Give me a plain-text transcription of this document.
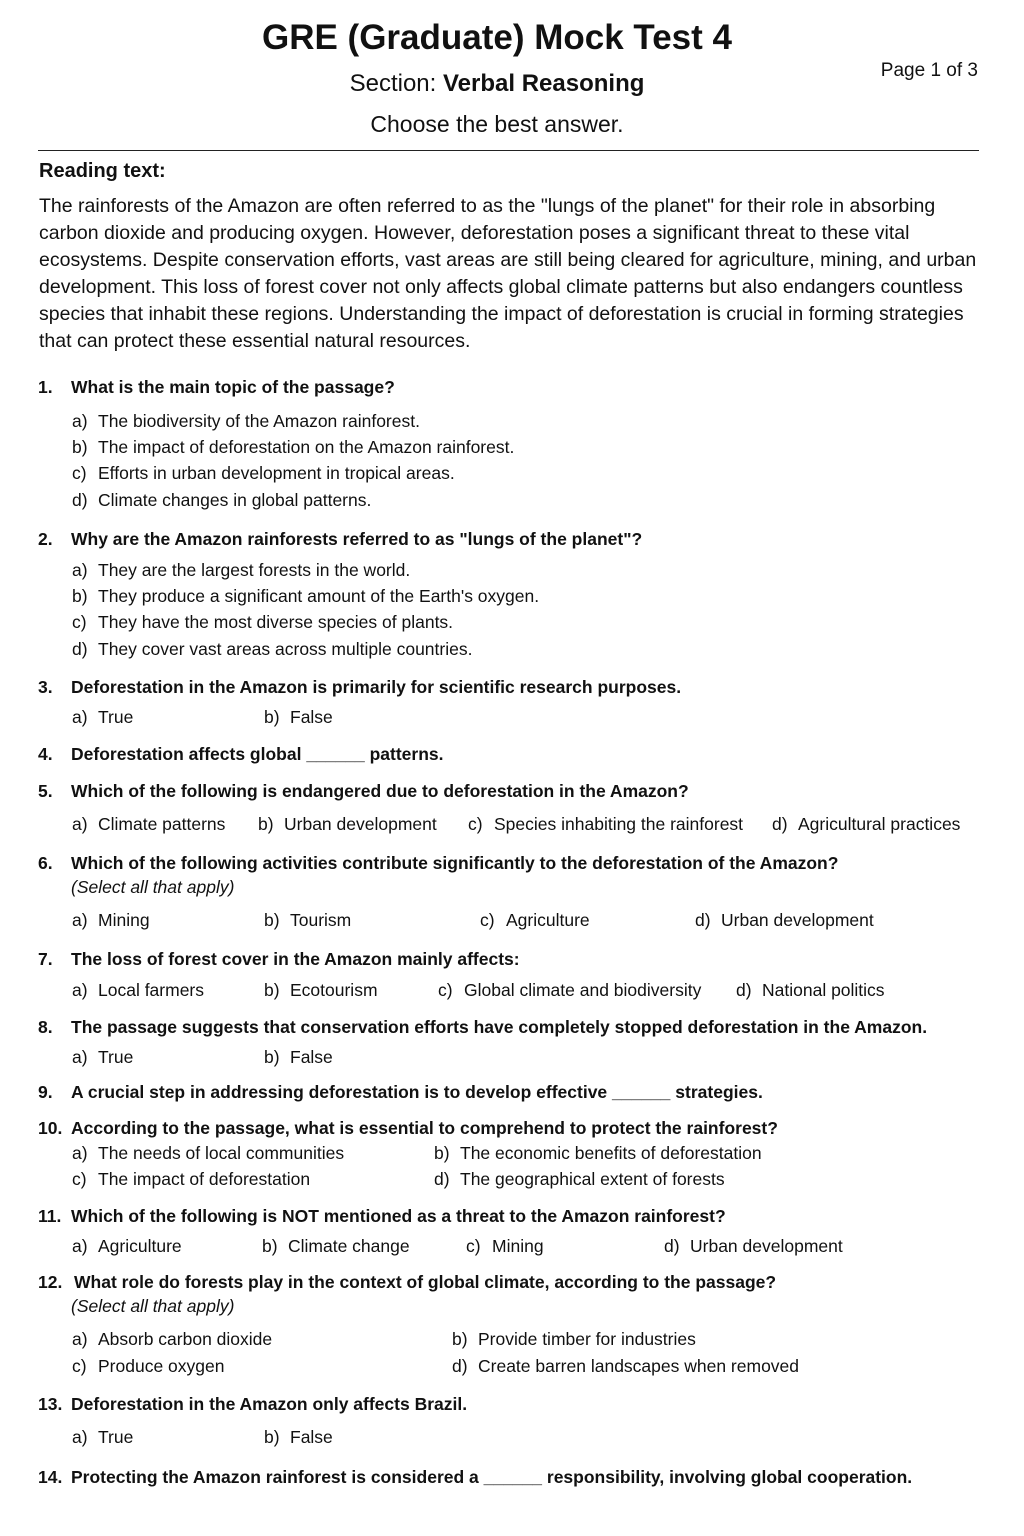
GRE (Graduate) Mock Test 4
Section: Verbal Reasoning
Choose the best answer.
Page 1 of 3
Reading text:
The rainforests of the Amazon are often referred to as the "lungs of the planet" for their role in absorbing carbon dioxide and producing oxygen. However, deforestation poses a significant threat to these vital ecosystems. Despite conservation efforts, vast areas are still being cleared for agriculture, mining, and urban development. This loss of forest cover not only affects global climate patterns but also endangers countless species that inhabit these regions. Understanding the impact of deforestation is crucial in forming strategies that can protect these essential natural resources.
1. What is the main topic of the passage?
a) The biodiversity of the Amazon rainforest.
b) The impact of deforestation on the Amazon rainforest.
c) Efforts in urban development in tropical areas.
d) Climate changes in global patterns.
2. Why are the Amazon rainforests referred to as "lungs of the planet"?
a) They are the largest forests in the world.
b) They produce a significant amount of the Earth's oxygen.
c) They have the most diverse species of plants.
d) They cover vast areas across multiple countries.
3. Deforestation in the Amazon is primarily for scientific research purposes.
a) True	b) False
4. Deforestation affects global ______ patterns.
5. Which of the following is endangered due to deforestation in the Amazon?
a) Climate patterns b) Urban development c) Species inhabiting the rainforest d) Agricultural practices
6. Which of the following activities contribute significantly to the deforestation of the Amazon?
(Select all that apply)
a) Mining	b) Tourism	c) Agriculture	d) Urban development
7. The loss of forest cover in the Amazon mainly affects:
a) Local farmers	b) Ecotourism	c) Global climate and biodiversity d) National politics
8. The passage suggests that conservation efforts have completely stopped deforestation in the Amazon.
a) True	b) False
9. A crucial step in addressing deforestation is to develop effective ______ strategies.
10. According to the passage, what is essential to comprehend to protect the rainforest?
a) The needs of local communities	b) The economic benefits of deforestation
c) The impact of deforestation	d) The geographical extent of forests
11. Which of the following is NOT mentioned as a threat to the Amazon rainforest?
a) Agriculture	b) Climate change	c) Mining	d) Urban development
12. What role do forests play in the context of global climate, according to the passage?
(Select all that apply)
a) Absorb carbon dioxide	b) Provide timber for industries
c) Produce oxygen	d) Create barren landscapes when removed
13. Deforestation in the Amazon only affects Brazil.
a) True	b) False
14. Protecting the Amazon rainforest is considered a ______ responsibility, involving global cooperation.
